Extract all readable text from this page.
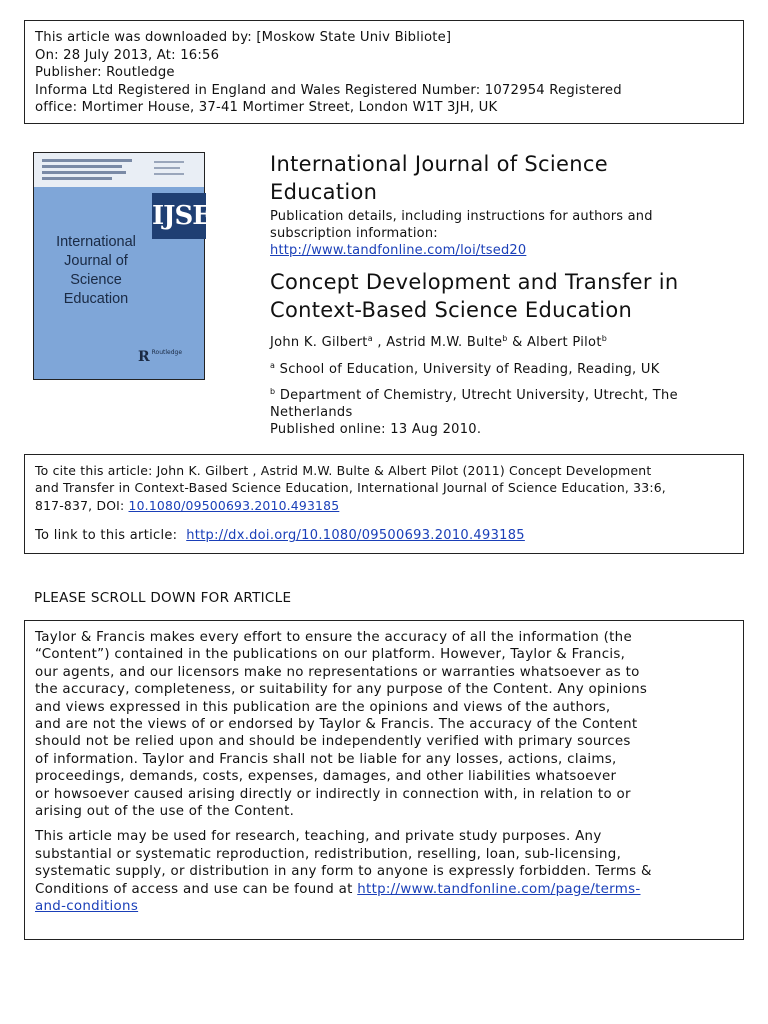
This article was downloaded by: [Moskow State Univ Bibliote]
On: 28 July 2013, At: 16:56
Publisher: Routledge
Informa Ltd Registered in England and Wales Registered Number: 1072954 Registered
office: Mortimer House, 37-41 Mortimer Street, London W1T 3JH, UK
IJSE
International Journal of Science Education
R Routledge
International Journal of Science
Education
Publication details, including instructions for authors and
subscription information:
http://www.tandfonline.com/loi/tsed20
Concept Development and Transfer in
Context-Based Science Education
John K. Gilbert$^a$ , Astrid M.W. Bulte$^b$ & Albert Pilot$^b$
$^a$ School of Education, University of Reading, Reading, UK
$^b$ Department of Chemistry, Utrecht University, Utrecht, The
Netherlands
Published online: 13 Aug 2010.
To cite this article: John K. Gilbert , Astrid M.W. Bulte & Albert Pilot (2011) Concept Development
and Transfer in Context-Based Science Education, International Journal of Science Education, 33:6,
817-837, DOI: 10.1080/09500693.2010.493185
To link to this article: http://dx.doi.org/10.1080/09500693.2010.493185
PLEASE SCROLL DOWN FOR ARTICLE
Taylor & Francis makes every effort to ensure the accuracy of all the information (the
“Content”) contained in the publications on our platform. However, Taylor & Francis,
our agents, and our licensors make no representations or warranties whatsoever as to
the accuracy, completeness, or suitability for any purpose of the Content. Any opinions
and views expressed in this publication are the opinions and views of the authors,
and are not the views of or endorsed by Taylor & Francis. The accuracy of the Content
should not be relied upon and should be independently verified with primary sources
of information. Taylor and Francis shall not be liable for any losses, actions, claims,
proceedings, demands, costs, expenses, damages, and other liabilities whatsoever
or howsoever caused arising directly or indirectly in connection with, in relation to or
arising out of the use of the Content.
This article may be used for research, teaching, and private study purposes. Any
substantial or systematic reproduction, redistribution, reselling, loan, sub-licensing,
systematic supply, or distribution in any form to anyone is expressly forbidden. Terms &
Conditions of access and use can be found at http://www.tandfonline.com/page/terms-
and-conditions
